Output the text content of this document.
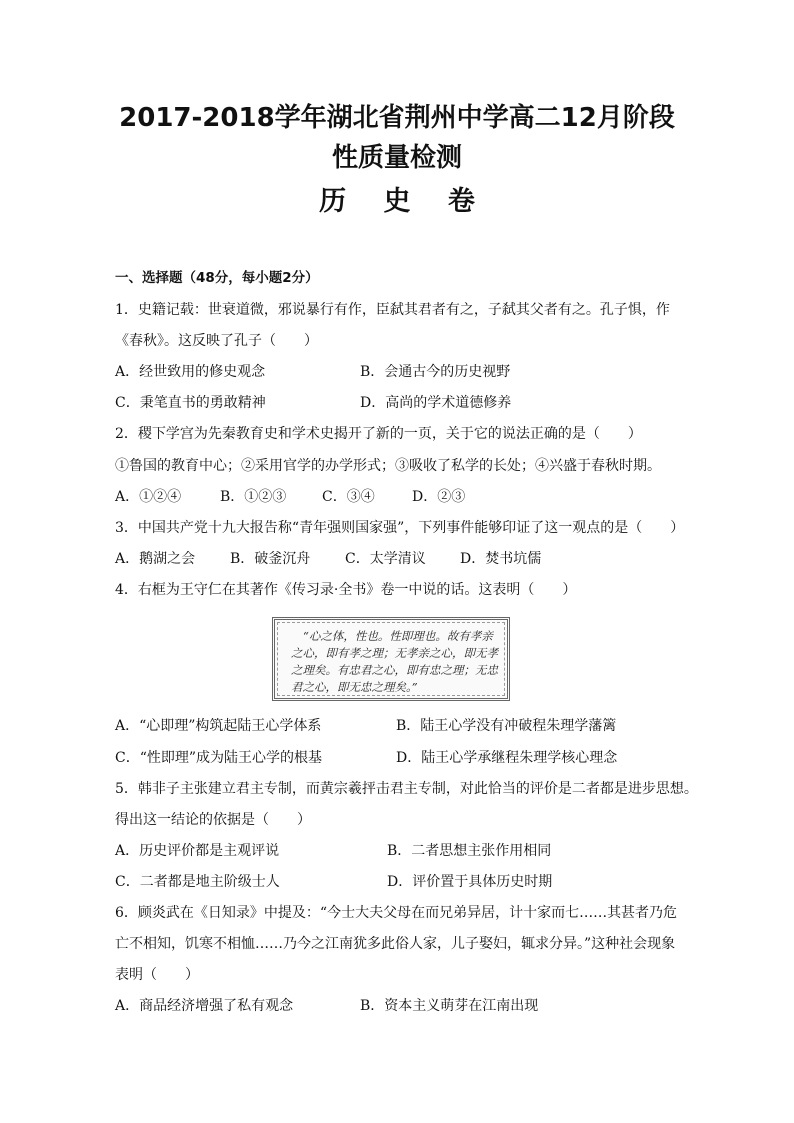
2017-2018学年湖北省荆州中学高二12月阶段
性质量检测
历 史 卷
一、选择题（48分，每小题2分）
1．史籍记载：世衰道微，邪说暴行有作，臣弑其君者有之，子弑其父者有之。孔子惧，作
《春秋》。这反映了孔子（　　）
A．经世致用的修史观念	B．会通古今的历史视野
C．秉笔直书的勇敢精神	D．高尚的学术道德修养
2．稷下学宫为先秦教育史和学术史揭开了新的一页，关于它的说法正确的是（　　）
①鲁国的教育中心；②采用官学的办学形式；③吸收了私学的长处；④兴盛于春秋时期。
A．①②④	B．①②③	C．③④	D．②③
3．中国共产党十九大报告称“青年强则国家强”，下列事件能够印证了这一观点的是（　　）
A．鹅湖之会 B．破釜沉舟 C．太学清议 D．焚书坑儒
4．右框为王守仁在其著作《传习录·全书》卷一中说的话。这表明（　　）
“心之体，性也。性即理也。故有孝亲之心，即有孝之理；无孝亲之心，即无孝之理矣。有忠君之心，即有忠之理；无忠君之心，即无忠之理矣。”
A．“心即理”构筑起陆王心学体系	B．陆王心学没有冲破程朱理学藩篱
C．“性即理”成为陆王心学的根基	D．陆王心学承继程朱理学核心理念
5．韩非子主张建立君主专制，而黄宗羲抨击君主专制，对此恰当的评价是二者都是进步思想。
得出这一结论的依据是（　　）
A．历史评价都是主观评说	B．二者思想主张作用相同
C．二者都是地主阶级士人	D．评价置于具体历史时期
6．顾炎武在《日知录》中提及：“今士大夫父母在而兄弟异居，计十家而七……其甚者乃危
亡不相知，饥寒不相恤……乃今之江南犹多此俗人家，儿子娶妇，辄求分异。”这种社会现象
表明（　　）
A．商品经济增强了私有观念	B．资本主义萌芽在江南出现
